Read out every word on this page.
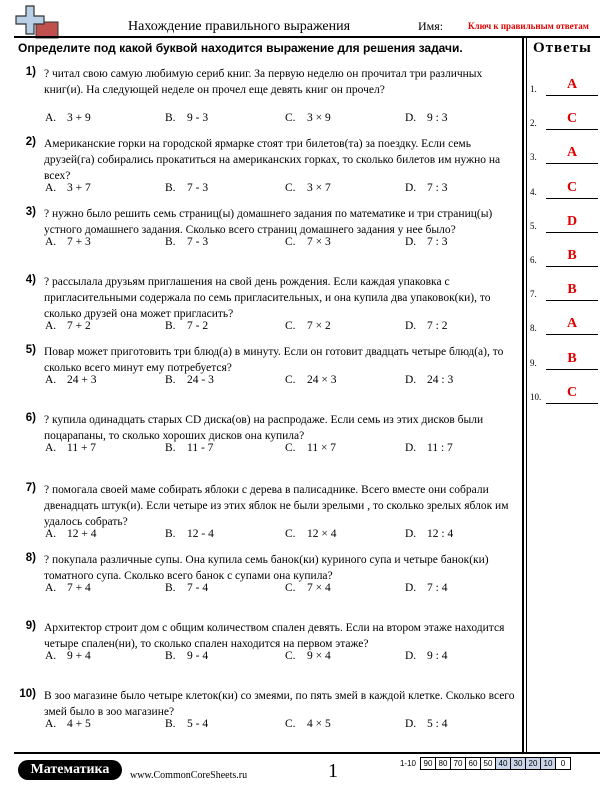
Нахождение правильного выражения	Имя:	Ключ к правильным ответам
Определите под какой буквой находится выражение для решения задачи.
1) ? читал свою самую любимую сериб книг. За первую неделю он прочитал три различных книг(и). На следующей неделе он прочел еще девять книг он прочел?
A. 3 + 9	B. 9 - 3	C. 3 × 9	D. 9 : 3
2) Американские горки на городской ярмарке стоят три билетов(та) за поездку. Если семь друзей(га) собирались прокатиться на американских горках, то сколько билетов им нужно на всех?
A. 3 + 7	B. 7 - 3	C. 3 × 7	D. 7 : 3
3) ? нужно было решить семь страниц(ы) домашнего задания по математике и три страниц(ы) устного домашнего задания. Сколько всего страниц домашнего задания у нее было?
A. 7 + 3	B. 7 - 3	C. 7 × 3	D. 7 : 3
4) ? рассылала друзьям приглашения на свой день рождения. Если каждая упаковка с пригласительными содержала по семь пригласительных, и она купила два упаковок(ки), то сколько друзей она может пригласить?
A. 7 + 2	B. 7 - 2	C. 7 × 2	D. 7 : 2
5) Повар может приготовить три блюд(а) в минуту. Если он готовит двадцать четыре блюд(а), то сколько всего минут ему потребуется?
A. 24 + 3	B. 24 - 3	C. 24 × 3	D. 24 : 3
6) ? купила одинадцать старых CD диска(ов) на распродаже. Если семь из этих дисков были поцарапаны, то сколько хороших дисков она купила?
A. 11 + 7	B. 11 - 7	C. 11 × 7	D. 11 : 7
7) ? помогала своей маме собирать яблоки с дерева в палисаднике. Всего вместе они собрали двенадцать штук(и). Если четыре из этих яблок не были зрелыми , то сколько зрелых яблок им удалось собрать?
A. 12 + 4	B. 12 - 4	C. 12 × 4	D. 12 : 4
8) ? покупала различные супы. Она купила семь банок(ки) куриного супа и четыре банок(ки) томатного супа. Сколько всего банок с супами она купила?
A. 7 + 4	B. 7 - 4	C. 7 × 4	D. 7 : 4
9) Архитектор строит дом с общим количеством спален девять. Если на втором этаже находится четыре спален(ни), то сколько спален находится на первом этаже?
A. 9 + 4	B. 9 - 4	C. 9 × 4	D. 9 : 4
10) В зоо магазине было четыре клеток(ки) со змеями, по пять змей в каждой клетке. Сколько всего змей было в зоо магазине?
A. 4 + 5	B. 5 - 4	C. 4 × 5	D. 5 : 4
Ответы
1.	A
2.	C
3.	A
4.	C
5.	D
6.	B
7.	B
8.	A
9.	B
10.	C
Математика	www.CommonCoreSheets.ru	1	1-10	90	80	70	60	50	40	30	20	10	0
